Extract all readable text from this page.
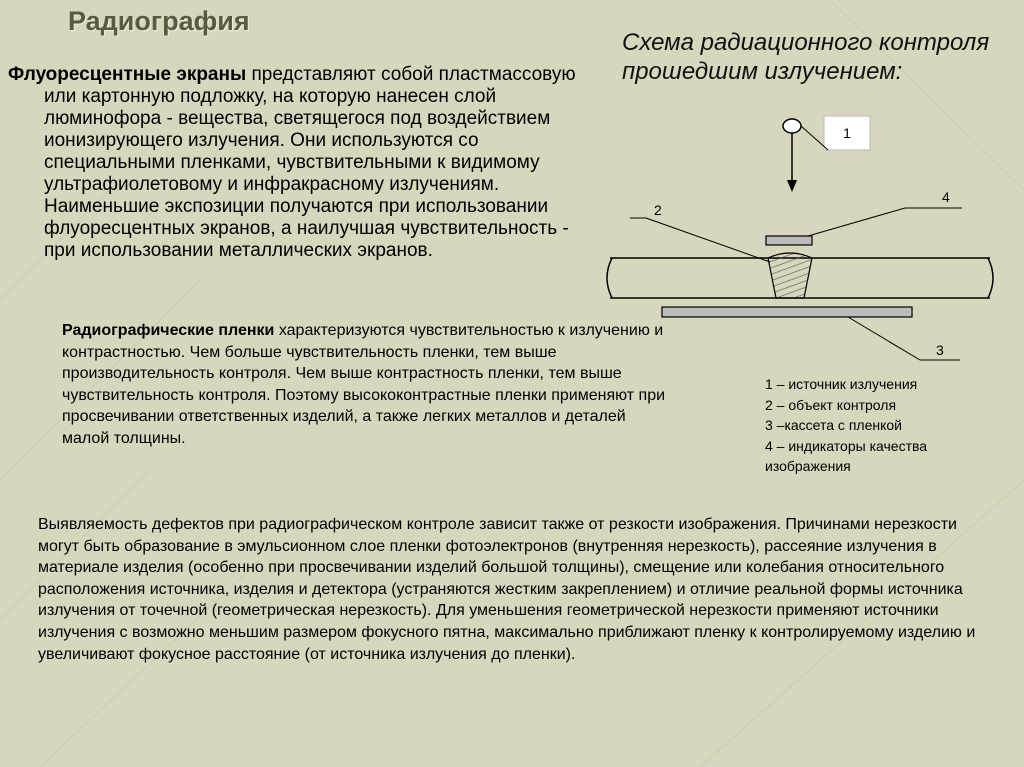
Радиография
Схема радиационного контроля прошедшим излучением:
Флуоресцентные экраны представляют собой пластмассовую или картонную подложку, на которую нанесен слой люминофора - вещества, светящегося под воздействием ионизирующего излучения. Они используются со специальными пленками, чувствительными к видимому ультрафиолетовому и инфракрасному излучениям. Наименьшие экспозиции получаются при использовании флуоресцентных экранов, а наилучшая чувствительность - при использовании металлических экранов.
Радиографические пленки характеризуются чувствительностью к излучению и контрастностью. Чем больше чувствительность пленки, тем выше производительность контроля. Чем выше контрастность пленки, тем выше чувствительность контроля. Поэтому высококонтрастные пленки применяют при просвечивании ответственных изделий, а также легких металлов и деталей малой толщины.
Выявляемость дефектов при радиографическом контроле зависит также от резкости изображения. Причинами нерезкости могут быть образование в эмульсионном слое пленки фотоэлектронов (внутренняя нерезкость), рассеяние излучения в материале изделия (особенно при просвечивании изделий большой толщины), смещение или колебания относительного расположения источника, изделия и детектора (устраняются жестким закреплением) и отличие реальной формы источника излучения от точечной (геометрическая нерезкость). Для уменьшения геометрической нерезкости применяют источники излучения с возможно меньшим размером фокусного пятна, максимально приближают пленку к контролируемому изделию и увеличивают фокусное расстояние (от источника излучения до пленки).
1
4
2
3
1 – источник излучения
2 – объект контроля
3 –кассета с пленкой
4 – индикаторы качества изображения
